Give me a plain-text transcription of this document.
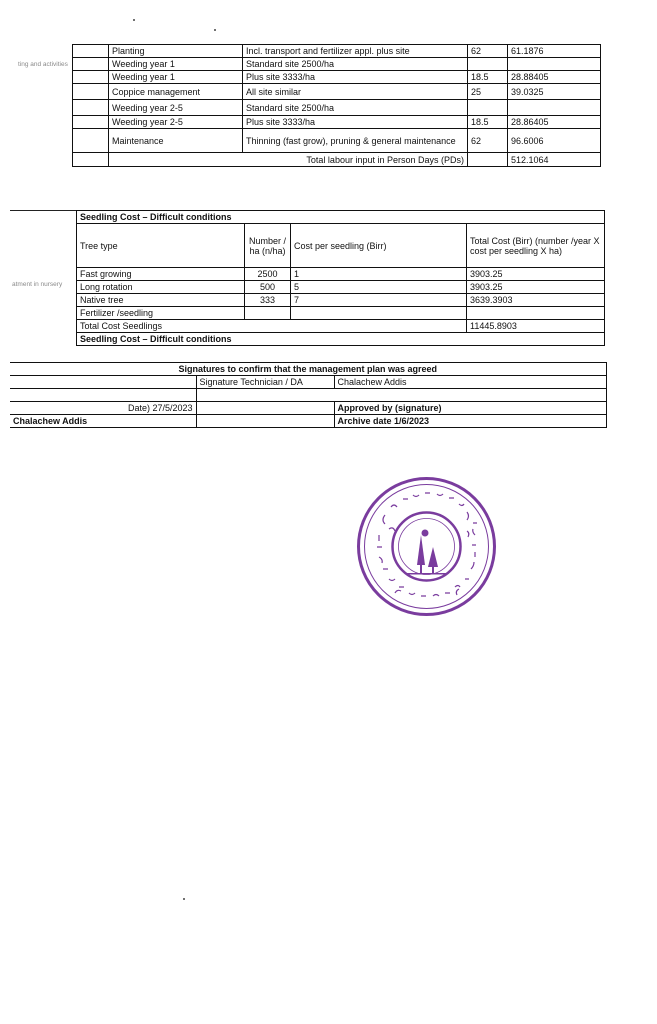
ting and activities
atment in nursery
	Planting	Incl. transport and fertilizer appl. plus site	62	61.1876
	Weeding year 1	Standard site 2500/ha		
	Weeding year 1	Plus site 3333/ha	18.5	28.88405
	Coppice management	All site similar	25	39.0325
	Weeding year 2-5	Standard site 2500/ha		
	Weeding year 2-5	Plus site 3333/ha	18.5	28.86405
	Maintenance	Thinning (fast grow), pruning & general maintenance	62	96.6006
	Total labour input in Person Days (PDs)			512.1064
Seedling Cost – Difficult conditions			
Tree type	Number / ha (n/ha)	Cost per seedling (Birr)	Total Cost (Birr) (number /year X cost per seedling X ha)
Fast growing	2500	1	3903.25
Long rotation	500	5	3903.25
Native tree	333	7	3639.3903
Fertilizer /seedling			
Total Cost Seedlings			11445.8903
Seedling Cost – Difficult conditions			
Signatures to confirm that the management plan was agreed		
	Signature Technician / DA	Chalachew Addis

Date) 27/5/2023		Approved by (signature)
Chalachew Addis		Archive date 1/6/2023
